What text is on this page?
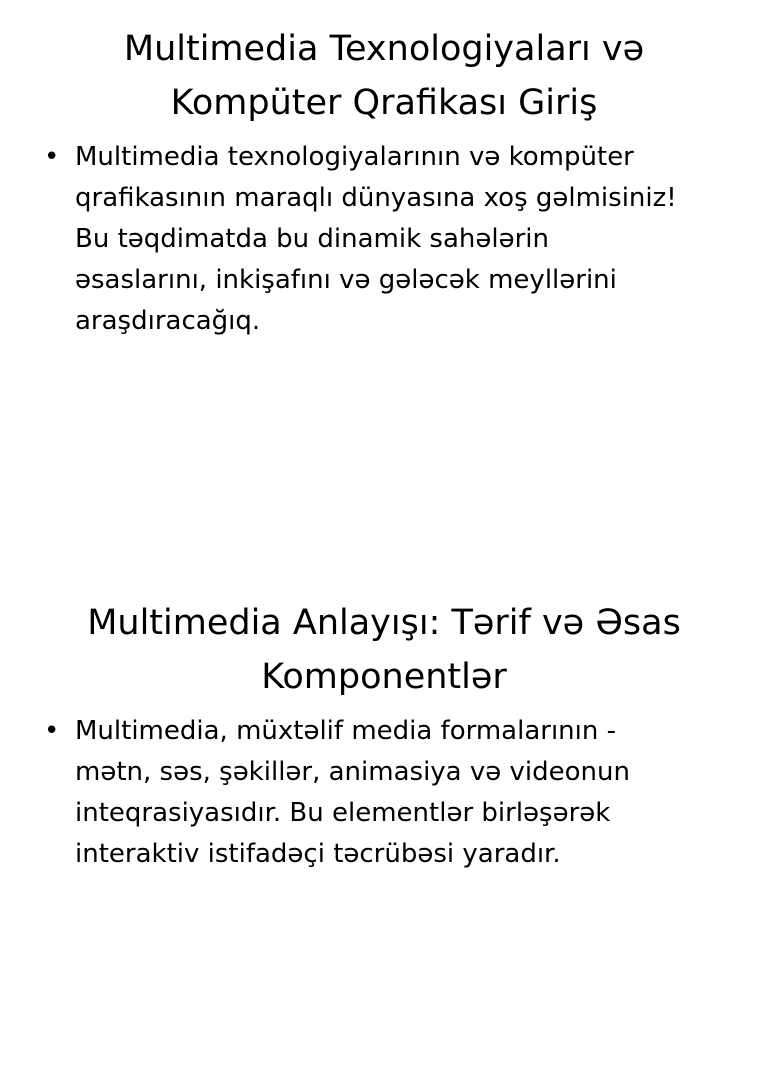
Multimedia Texnologiyaları və
Kompüter Qrafikası Giriş
• Multimedia texnologiyalarının və kompüter
qrafikasının maraqlı dünyasına xoş gəlmisiniz!
Bu təqdimatda bu dinamik sahələrin
əsaslarını, inkişafını və gələcək meyllərini
araşdıracağıq.
Multimedia Anlayışı: Tərif və Əsas
Komponentlər
• Multimedia, müxtəlif media formalarının -
mətn, səs, şəkillər, animasiya və videonun
inteqrasiyasıdır. Bu elementlər birləşərək
interaktiv istifadəçi təcrübəsi yaradır.
